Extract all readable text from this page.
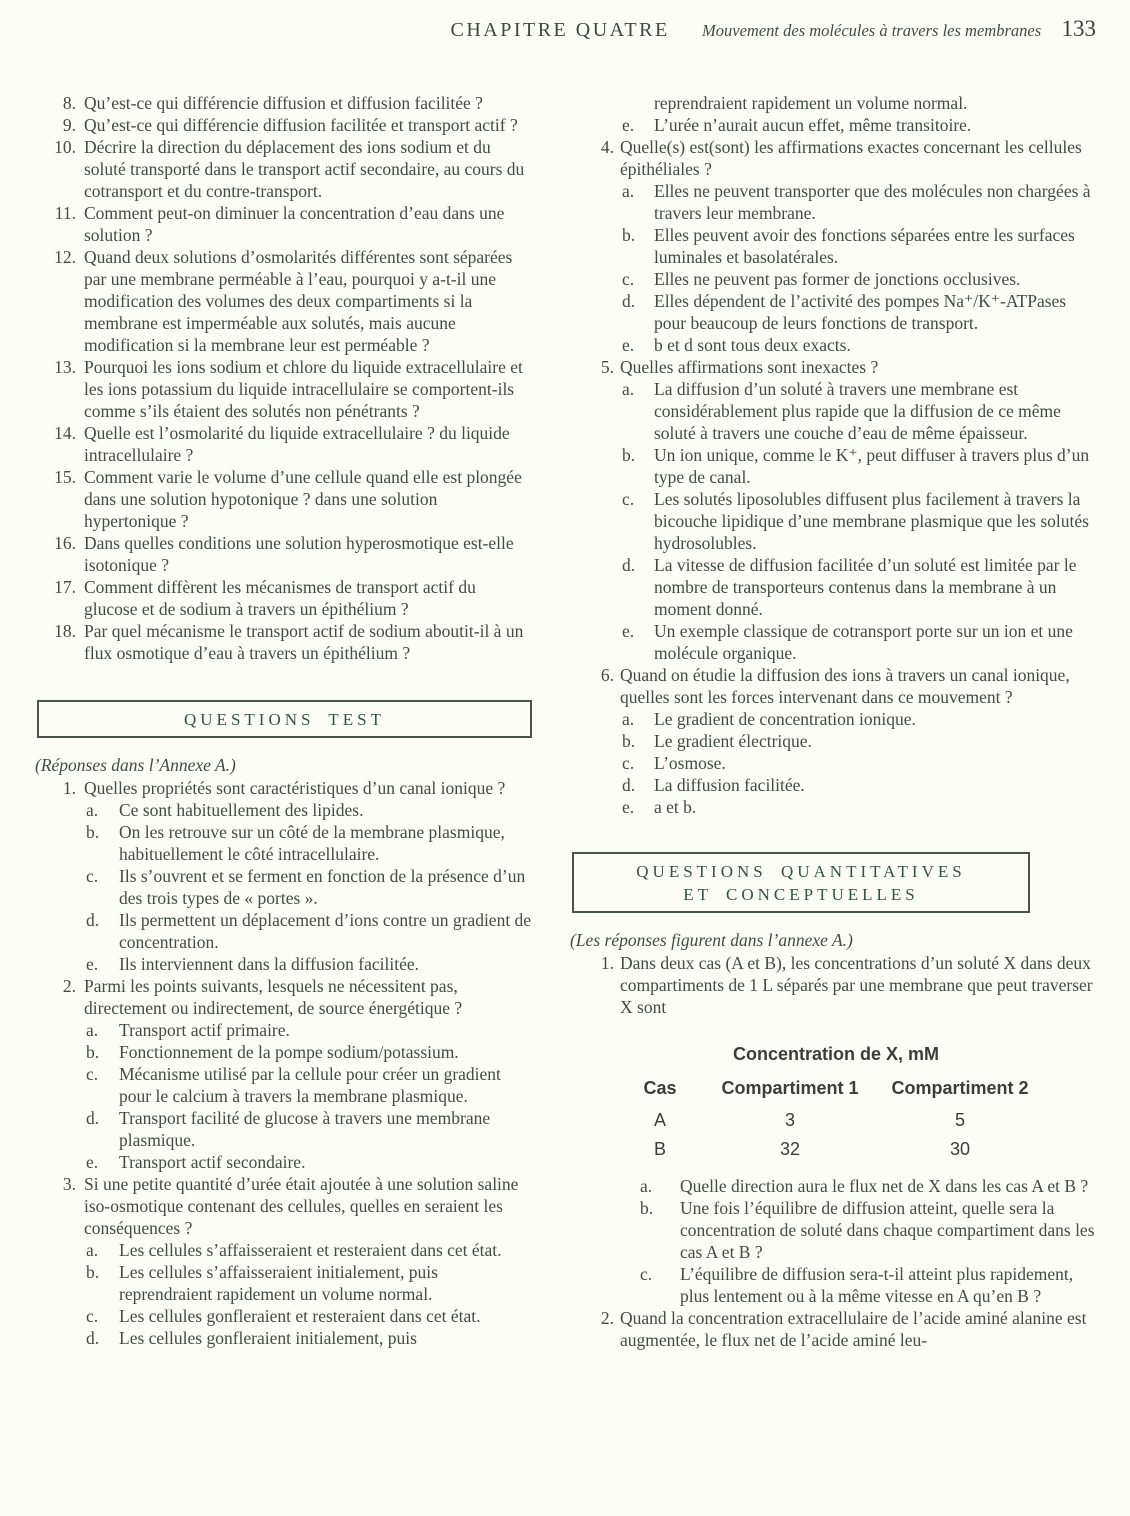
CHAPITRE QUATRE Mouvement des molécules à travers les membranes 133
8. Qu’est-ce qui différencie diffusion et diffusion facilitée ?
9. Qu’est-ce qui différencie diffusion facilitée et transport actif ?
10. Décrire la direction du déplacement des ions sodium et du soluté transporté dans le transport actif secondaire, au cours du cotransport et du contre-transport.
11. Comment peut-on diminuer la concentration d’eau dans une solution ?
12. Quand deux solutions d’osmolarités différentes sont séparées par une membrane perméable à l’eau, pourquoi y a-t-il une modification des volumes des deux compartiments si la membrane est imperméable aux solutés, mais aucune modification si la membrane leur est perméable ?
13. Pourquoi les ions sodium et chlore du liquide extracellulaire et les ions potassium du liquide intracellulaire se comportent-ils comme s’ils étaient des solutés non pénétrants ?
14. Quelle est l’osmolarité du liquide extracellulaire ? du liquide intracellulaire ?
15. Comment varie le volume d’une cellule quand elle est plongée dans une solution hypotonique ? dans une solution hypertonique ?
16. Dans quelles conditions une solution hyperosmotique est-elle isotonique ?
17. Comment diffèrent les mécanismes de transport actif du glucose et de sodium à travers un épithélium ?
18. Par quel mécanisme le transport actif de sodium aboutit-il à un flux osmotique d’eau à travers un épithélium ?
QUESTIONS TEST

(Réponses dans l’Annexe A.)

1. Quelles propriétés sont caractéristiques d’un canal ionique ?
a.	Ce sont habituellement des lipides.
b.	On les retrouve sur un côté de la membrane plasmique, habituellement le côté intracellulaire.
c.	Ils s’ouvrent et se ferment en fonction de la présence d’un des trois types de « portes ».
d.	Ils permettent un déplacement d’ions contre un gradient de concentration.
e.	Ils interviennent dans la diffusion facilitée.
2. Parmi les points suivants, lesquels ne nécessitent pas, directement ou indirectement, de source énergétique ?
a.	Transport actif primaire.
b.	Fonctionnement de la pompe sodium/potassium.
c.	Mécanisme utilisé par la cellule pour créer un gradient pour le calcium à travers la membrane plasmique.
d.	Transport facilité de glucose à travers une membrane plasmique.
e.	Transport actif secondaire.
3. Si une petite quantité d’urée était ajoutée à une solution saline iso-osmotique contenant des cellules, quelles en seraient les conséquences ?
a.	Les cellules s’affaisseraient et resteraient dans cet état.
b.	Les cellules s’affaisseraient initialement, puis reprendraient rapidement un volume normal.
c.	Les cellules gonfleraient et resteraient dans cet état.
d.	Les cellules gonfleraient initialement, puis
reprendraient rapidement un volume normal.
e.	L’urée n’aurait aucun effet, même transitoire.
4. Quelle(s) est(sont) les affirmations exactes concernant les cellules épithéliales ?
a.	Elles ne peuvent transporter que des molécules non chargées à travers leur membrane.
b.	Elles peuvent avoir des fonctions séparées entre les surfaces luminales et basolatérales.
c.	Elles ne peuvent pas former de jonctions occlusives.
d.	Elles dépendent de l’activité des pompes Na⁺/K⁺-ATPases pour beaucoup de leurs fonctions de transport.
e.	b et d sont tous deux exacts.
5. Quelles affirmations sont inexactes ?
a.	La diffusion d’un soluté à travers une membrane est considérablement plus rapide que la diffusion de ce même soluté à travers une couche d’eau de même épaisseur.
b.	Un ion unique, comme le K⁺, peut diffuser à travers plus d’un type de canal.
c.	Les solutés liposolubles diffusent plus facilement à travers la bicouche lipidique d’une membrane plasmique que les solutés hydrosolubles.
d.	La vitesse de diffusion facilitée d’un soluté est limitée par le nombre de transporteurs contenus dans la membrane à un moment donné.
e.	Un exemple classique de cotransport porte sur un ion et une molécule organique.
6. Quand on étudie la diffusion des ions à travers un canal ionique, quelles sont les forces intervenant dans ce mouvement ?
a.	Le gradient de concentration ionique.
b.	Le gradient électrique.
c.	L’osmose.
d.	La diffusion facilitée.
e.	a et b.
QUESTIONS QUANTITATIVES
ET CONCEPTUELLES

(Les réponses figurent dans l’annexe A.)

1. Dans deux cas (A et B), les concentrations d’un soluté X dans deux compartiments de 1 L séparés par une membrane que peut traverser X sont
Concentration de X, mM
Cas	Compartiment 1	Compartiment 2
A	3	5
B	32	30
a.	Quelle direction aura le flux net de X dans les cas A et B ?
b.	Une fois l’équilibre de diffusion atteint, quelle sera la concentration de soluté dans chaque compartiment dans les cas A et B ?
c.	L’équilibre de diffusion sera-t-il atteint plus rapidement, plus lentement ou à la même vitesse en A qu’en B ?
2. Quand la concentration extracellulaire de l’acide aminé alanine est augmentée, le flux net de l’acide aminé leu-
